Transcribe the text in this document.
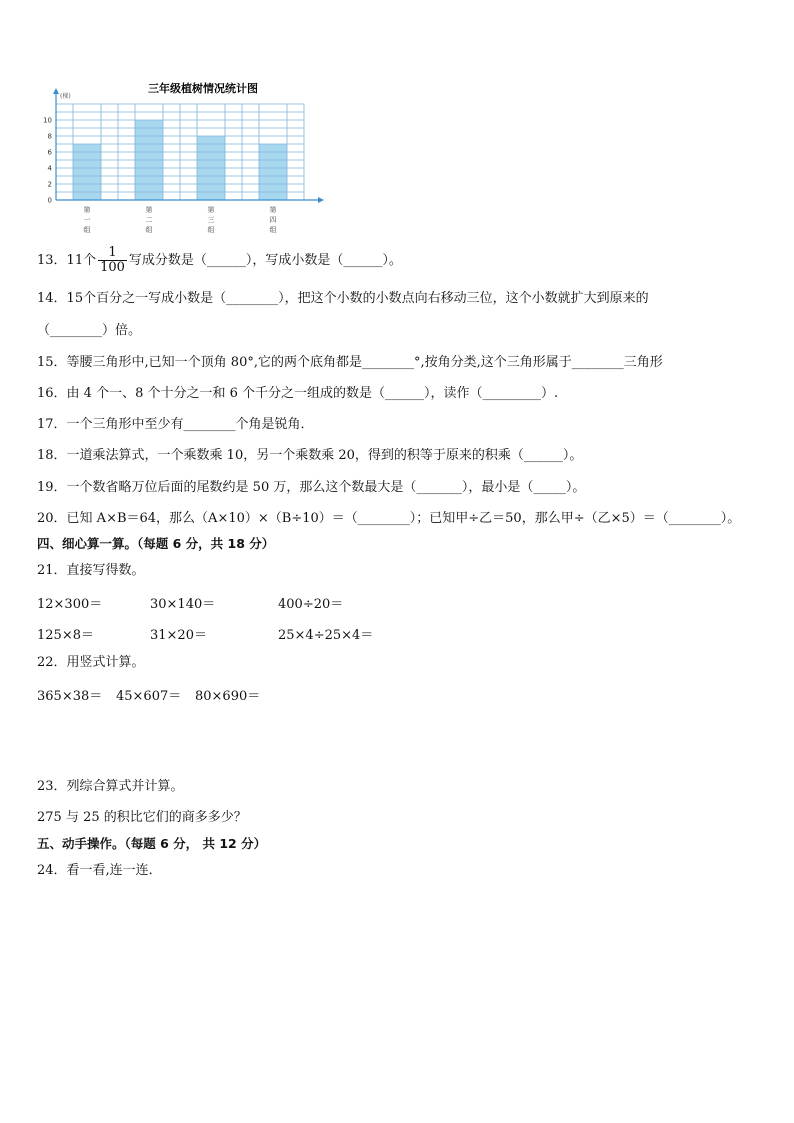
三年级植树情况统计图
(棵)
0
2
4
6
8
10
第一组
第二组
第三组
第四组
13．11个 $\frac{1}{100}$ 写成分数是（______），写成小数是（______）。
14．15个百分之一写成小数是（________），把这个小数的小数点向右移动三位，这个小数就扩大到原来的
（________）倍。
15．等腰三角形中,已知一个顶角 80°,它的两个底角都是________°,按角分类,这个三角形属于________三角形
16．由 4 个一、8 个十分之一和 6 个千分之一组成的数是（______），读作（_________）.
17．一个三角形中至少有________个角是锐角．
18．一道乘法算式，一个乘数乘 10，另一个乘数乘 20，得到的积等于原来的积乘（______）。
19．一个数省略万位后面的尾数约是 50 万，那么这个数最大是（_______），最小是（_____）。
20．已知 A×B＝64，那么（A×10）×（B÷10）＝（________）；已知甲÷乙＝50，那么甲÷（乙×5）＝（________）。
四、细心算一算。（每题 6 分，共 18 分）
21．直接写得数。
12×300＝	30×140＝	400÷20＝
125×8＝	31×20＝	25×4÷25×4＝
22．用竖式计算。
365×38＝ 45×607＝ 80×690＝
23．列综合算式并计算。
275 与 25 的积比它们的商多多少？
五、动手操作。（每题 6 分， 共 12 分）
24．看一看,连一连．
